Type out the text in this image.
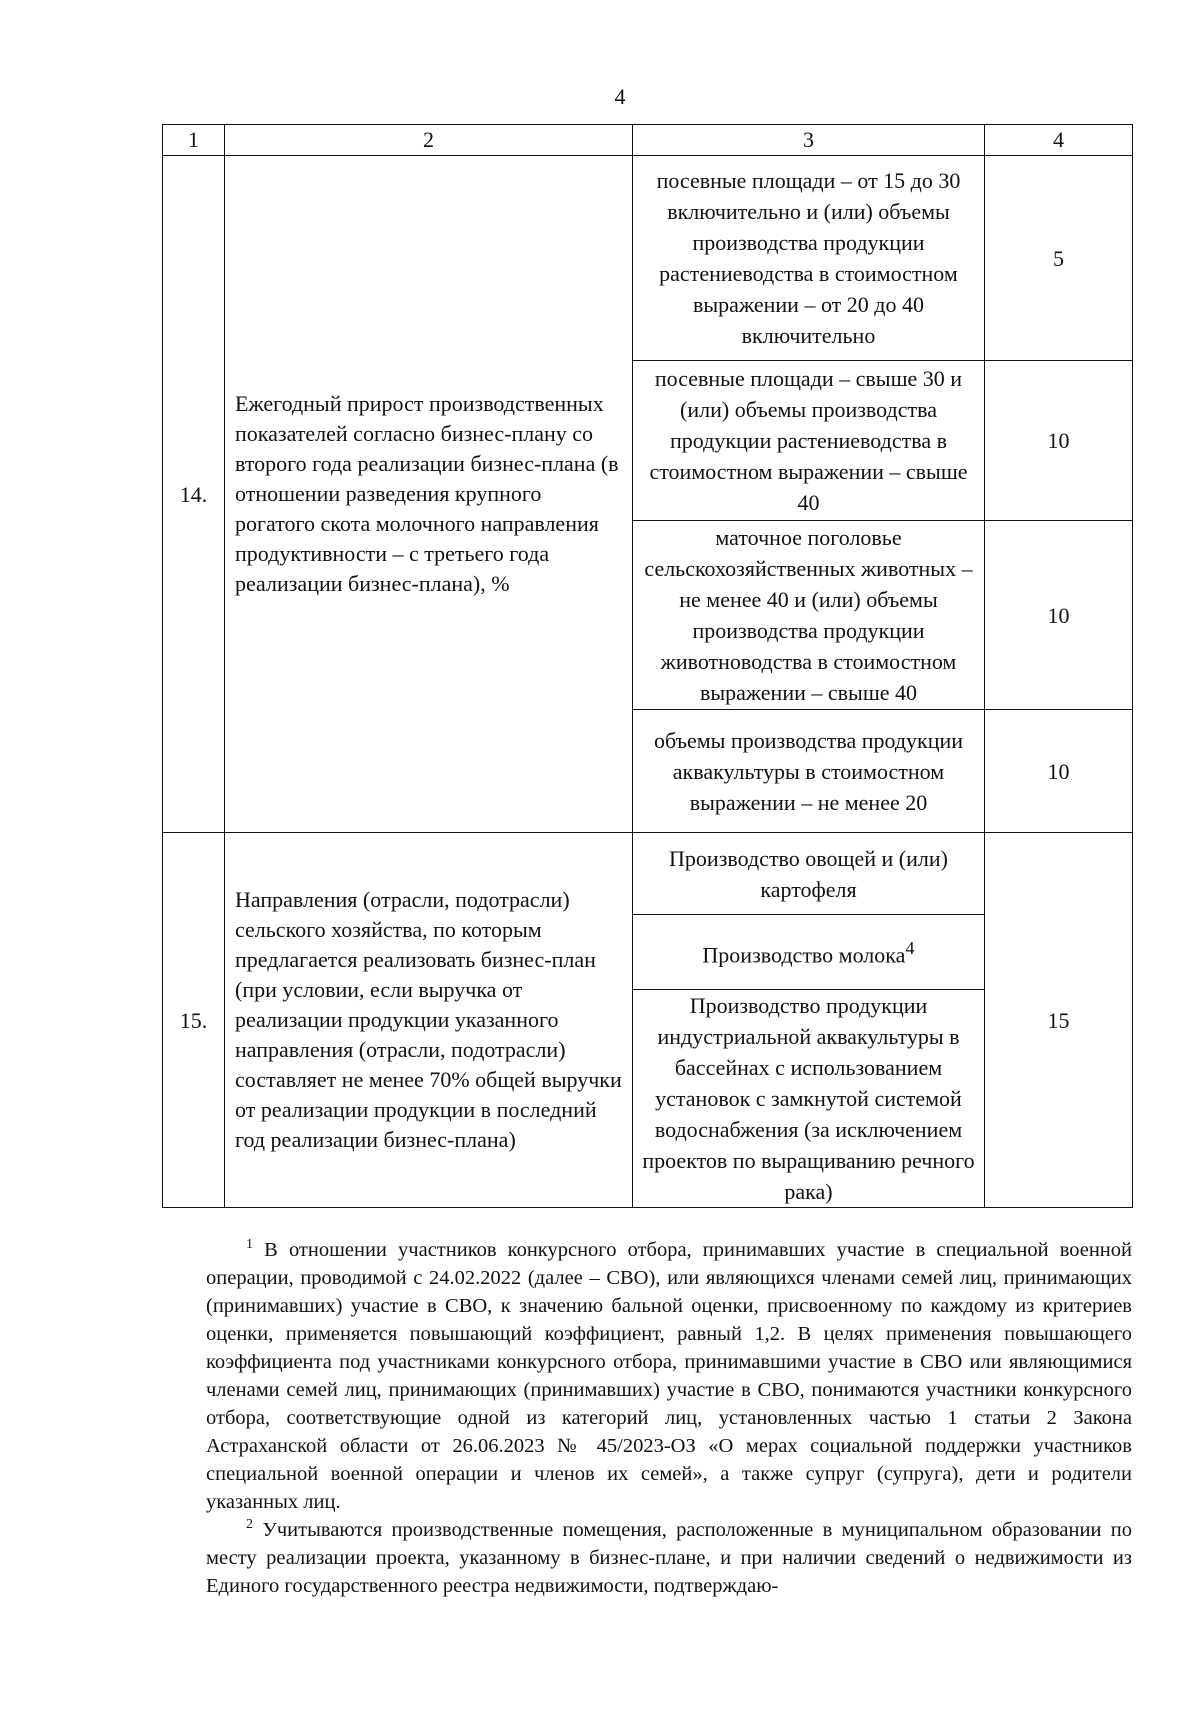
4
1	2	3	4
14.	Ежегодный прирост производственных показателей согласно бизнес-плану со второго года реализации бизнес-плана (в отношении разведения крупного рогатого скота молочного направления продуктивности – с третьего года реализации бизнес-плана), %	посевные площади – от 15 до 30 включительно и (или) объемы производства продукции растениеводства в стоимостном выражении – от 20 до 40 включительно	5
		посевные площади – свыше 30 и (или) объемы производства продукции растениеводства в стоимостном выражении – свыше 40	10
		маточное поголовье сельскохозяйственных животных – не менее 40 и (или) объемы производства продукции животноводства в стоимостном выражении – свыше 40	10
		объемы производства продукции аквакультуры в стоимостном выражении – не менее 20	10
15.	Направления (отрасли, подотрасли) сельского хозяйства, по которым предлагается реализовать бизнес-план (при условии, если выручка от реализации продукции указанного направления (отрасли, подотрасли) составляет не менее 70% общей выручки от реализации продукции в последний год реализации бизнес-плана)	Производство овощей и (или) картофеля	15
		Производство молока$^4$
		Производство продукции индустриальной аквакультуры в бассейнах с использованием установок с замкнутой системой водоснабжения (за исключением проектов по выращиванию речного рака)	

$^1$ В отношении участников конкурсного отбора, принимавших участие в специальной военной операции, проводимой с 24.02.2022 (далее – СВО), или являющихся членами семей лиц, принимающих (принимавших) участие в СВО, к значению бальной оценки, присвоенному по каждому из критериев оценки, применяется повышающий коэффициент, равный 1,2. В целях применения повышающего коэффициента под участниками конкурсного отбора, принимавшими участие в СВО или являющимися членами семей лиц, принимающих (принимавших) участие в СВО, понимаются участники конкурсного отбора, соответствующие одной из категорий лиц, установленных частью 1 статьи 2 Закона Астраханской области от 26.06.2023 № 45/2023-ОЗ «О мерах социальной поддержки участников специальной военной операции и членов их семей», а также супруг (супруга), дети и родители указанных лиц.

$^2$ Учитываются производственные помещения, расположенные в муниципальном образовании по месту реализации проекта, указанному в бизнес-плане, и при наличии сведений о недвижимости из Единого государственного реестра недвижимости, подтверждаю-
